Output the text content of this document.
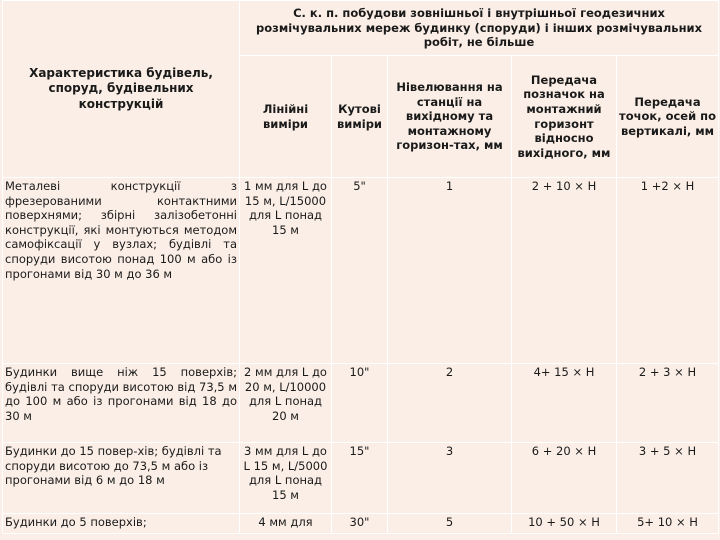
Характеристика будівель, споруд, будівельних конструкцій	С. к. п. побудови зовнішньої і внутрішньої геодезичних розмічувальних мереж будинку (споруди) і інших розмічувальних робіт, не більше				
	Лінійні виміри	Кутові виміри	Нівелювання на станції на вихідному та монтажному горизон-тах, мм	Передача позначок на монтажний горизонт відносно вихідного, мм	Передача точок, осей по вертикалі, мм
Металеві конструкції з фрезерованими контактними поверхнями; збірні залізобетонні конструкції, які монтуються методом самофіксації у вузлах; будівлі та споруди висотою понад 100 м або із прогонами від 30 м до 36 м	1 мм для L до 15 м, L/15000 для L понад 15 м	5"	1	2 + 10 × H	1 +2 × H
Будинки вище ніж 15 поверхів; будівлі та споруди висотою від 73,5 м до 100 м або із прогонами від 18 до 30 м	2 мм для L до 20 м, L/10000 для L понад 20 м	10"	2	4+ 15 × H	2 + 3 × H
Будинки до 15 повер-хів; будівлі та споруди висотою до 73,5 м або із прогонами від 6 м до 18 м	3 мм для L до L 15 м, L/5000 для L понад 15 м	15"	3	6 + 20 × H	3 + 5 × H
Будинки до 5 поверхів;	4 мм для	30"	5	10 + 50 × H	5+ 10 × H
